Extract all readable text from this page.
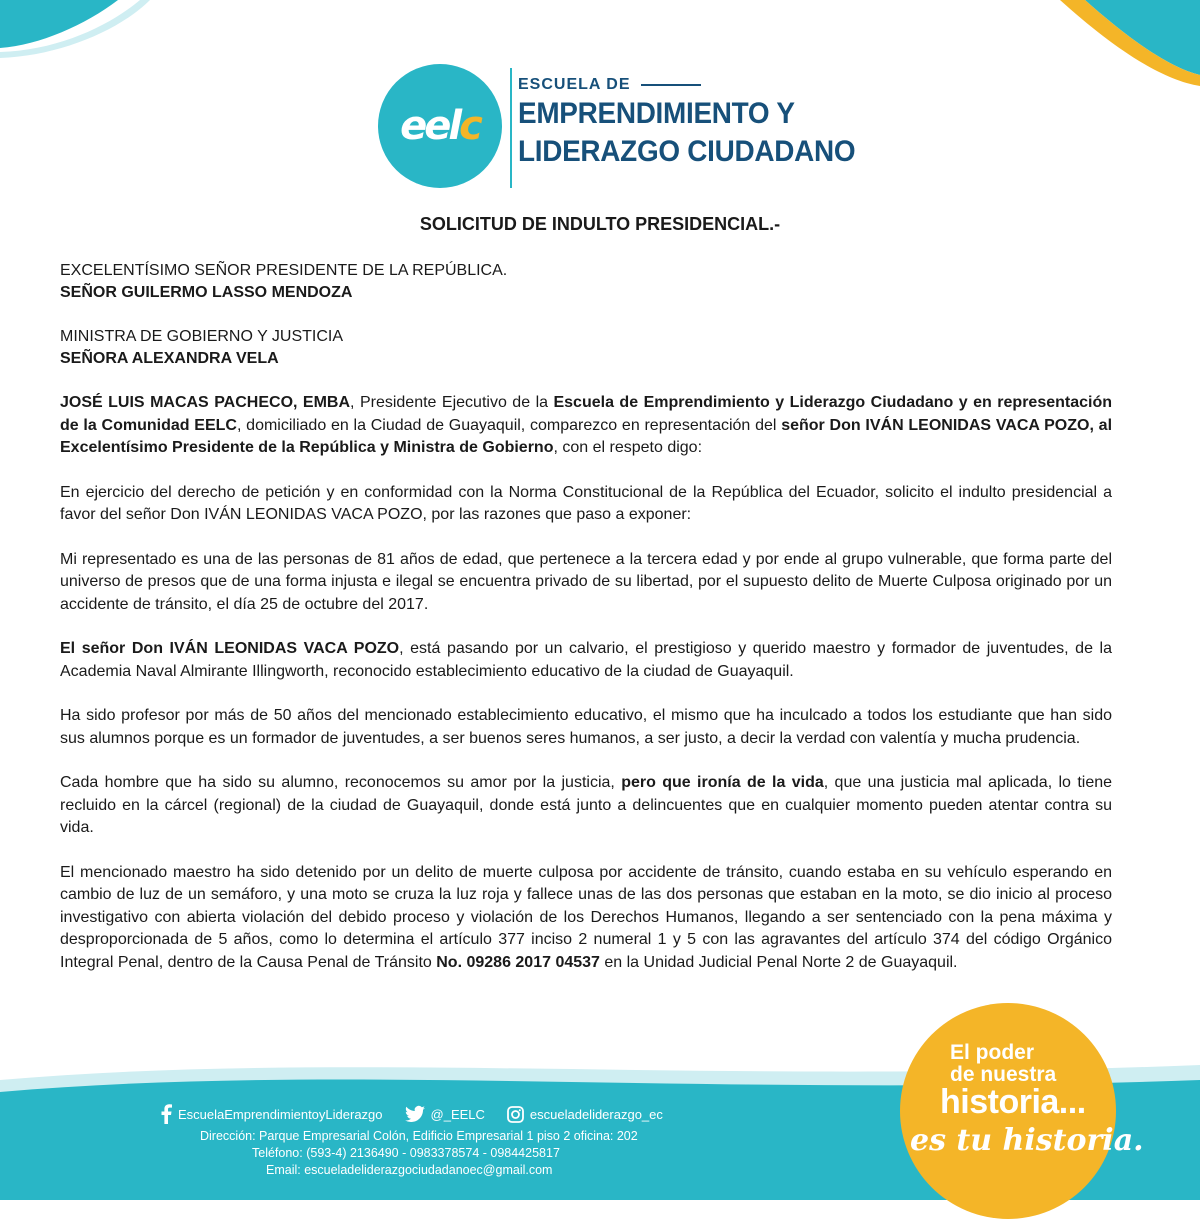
eelc
ESCUELA DE
EMPRENDIMIENTO Y
LIDERAZGO CIUDADANO
SOLICITUD DE INDULTO PRESIDENCIAL.-
EXCELENTÍSIMO SEÑOR PRESIDENTE DE LA REPÚBLICA.
SEÑOR GUILERMO LASSO MENDOZA
MINISTRA DE GOBIERNO Y JUSTICIA
SEÑORA ALEXANDRA VELA

JOSÉ LUIS MACAS PACHECO, EMBA, Presidente Ejecutivo de la Escuela de Emprendimiento y Liderazgo Ciudadano y en representación de la Comunidad EELC, domiciliado en la Ciudad de Guayaquil, comparezco en representación del señor Don IVÁN LEONIDAS VACA POZO, al Excelentísimo Presidente de la República y Ministra de Gobierno, con el respeto digo:

En ejercicio del derecho de petición y en conformidad con la Norma Constitucional de la República del Ecuador, solicito el indulto presidencial a favor del señor Don IVÁN LEONIDAS VACA POZO, por las razones que paso a exponer:

Mi representado es una de las personas de 81 años de edad, que pertenece a la tercera edad y por ende al grupo vulnerable, que forma parte del universo de presos que de una forma injusta e ilegal se encuentra privado de su libertad, por el supuesto delito de Muerte Culposa originado por un accidente de tránsito, el día 25 de octubre del 2017.

El señor Don IVÁN LEONIDAS VACA POZO, está pasando por un calvario, el prestigioso y querido maestro y formador de juventudes, de la Academia Naval Almirante Illingworth, reconocido establecimiento educativo de la ciudad de Guayaquil.

Ha sido profesor por más de 50 años del mencionado establecimiento educativo, el mismo que ha inculcado a todos los estudiante que han sido sus alumnos porque es un formador de juventudes, a ser buenos seres humanos, a ser justo, a decir la verdad con valentía y mucha prudencia.

Cada hombre que ha sido su alumno, reconocemos su amor por la justicia, pero que ironía de la vida, que una justicia mal aplicada, lo tiene recluido en la cárcel (regional) de la ciudad de Guayaquil, donde está junto a delincuentes que en cualquier momento pueden atentar contra su vida.

El mencionado maestro ha sido detenido por un delito de muerte culposa por accidente de tránsito, cuando estaba en su vehículo esperando en cambio de luz de un semáforo, y una moto se cruza la luz roja y fallece unas de las dos personas que estaban en la moto, se dio inicio al proceso investigativo con abierta violación del debido proceso y violación de los Derechos Humanos, llegando a ser sentenciado con la pena máxima y desproporcionada de 5 años, como lo determina el artículo 377 inciso 2 numeral 1 y 5 con las agravantes del artículo 374 del código Orgánico Integral Penal, dentro de la Causa Penal de Tránsito No. 09286 2017 04537 en la Unidad Judicial Penal Norte 2 de Guayaquil.

EscuelaEmprendimientoyLiderazgo	@_EELC	escueladeliderazgo_ec
Dirección: Parque Empresarial Colón, Edificio Empresarial 1 piso 2 oficina: 202
Teléfono: (593-4) 2136490 - 0983378574 - 0984425817
Email: escueladeliderazgociudadanoec@gmail.com
El poder
de nuestra
historia...
es tu historia.
